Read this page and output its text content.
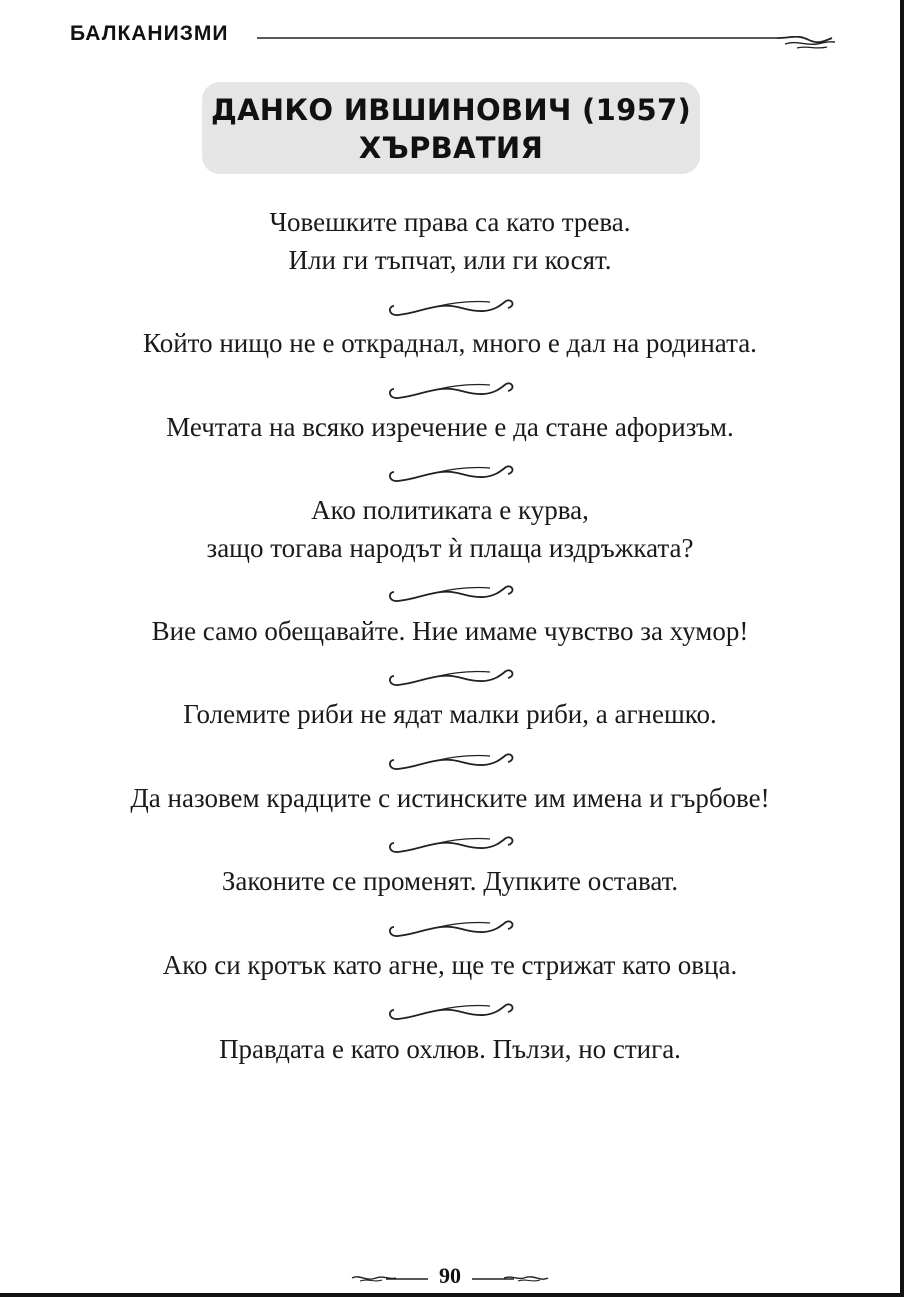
БАЛКАНИЗМИ
ДАНКО ИВШИНОВИЧ (1957)
ХЪРВАТИЯ
Човешките права са като трева.
Или ги тъпчат, или ги косят.
Който нищо не е откраднал, много е дал на родината.
Мечтата на всяко изречение е да стане афоризъм.
Ако политиката е курва,
защо тогава народът ѝ плаща издръжката?
Вие само обещавайте. Ние имаме чувство за хумор!
Големите риби не ядат малки риби, а агнешко.
Да назовем крадците с истинските им имена и гърбове!
Законите се променят. Дупките остават.
Ако си кротък като агне, ще те стрижат като овца.
Правдата е като охлюв. Пълзи, но стига.
90
